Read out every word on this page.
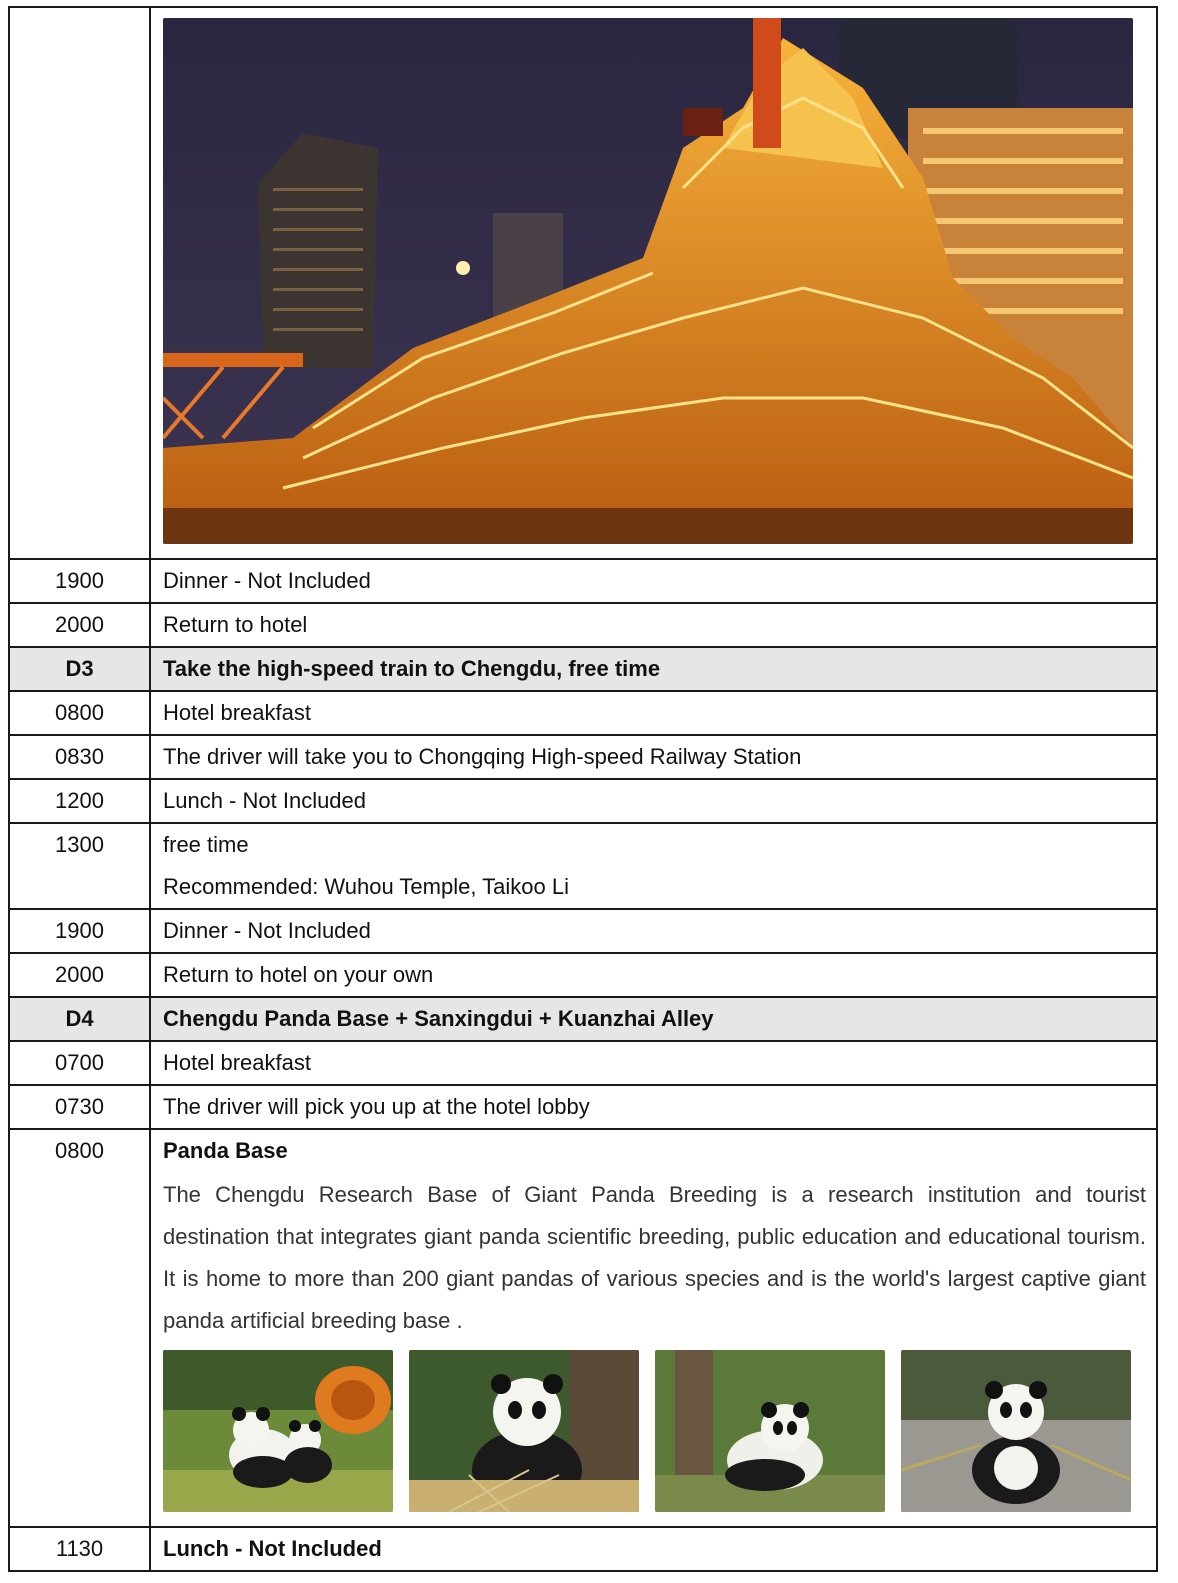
1900	Dinner - Not Included
2000	Return to hotel
D3	Take the high-speed train to Chengdu, free time
0800	Hotel breakfast
0830	The driver will take you to Chongqing High-speed Railway Station
1200	Lunch - Not Included
1300	free time
Recommended: Wuhou Temple, Taikoo Li

1900	Dinner - Not Included
2000	Return to hotel on your own
D4	Chengdu Panda Base + Sanxingdui + Kuanzhai Alley
0700	Hotel breakfast
0730	The driver will pick you up at the hotel lobby
0800	Panda Base
The Chengdu Research Base of Giant Panda Breeding is a research institution and tourist destination that integrates giant panda scientific breeding, public education and educational tourism. It is home to more than 200 giant pandas of various species and is the world's largest captive giant panda artificial breeding base .

1130	Lunch - Not Included
